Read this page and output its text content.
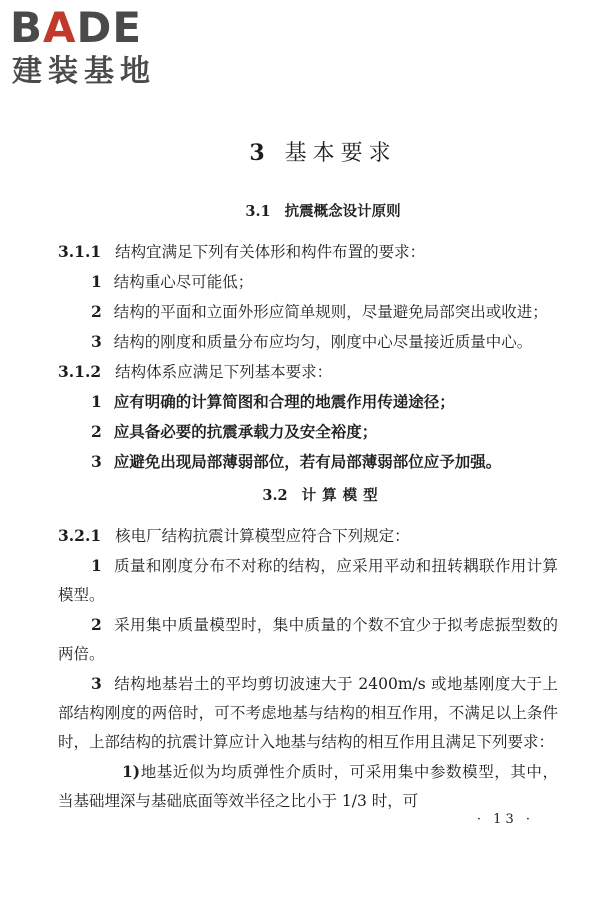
BADE
建装基地
3 基本要求
3.1 抗震概念设计原则

3.1.1 结构宜满足下列有关体形和构件布置的要求：

1 结构重心尽可能低；

2 结构的平面和立面外形应简单规则，尽量避免局部突出或收进；

3 结构的刚度和质量分布应均匀，刚度中心尽量接近质量中心。

3.1.2 结构体系应满足下列基本要求：

1 应有明确的计算简图和合理的地震作用传递途径；

2 应具备必要的抗震承载力及安全裕度；

3 应避免出现局部薄弱部位，若有局部薄弱部位应予加强。

3.2 计算模型

3.2.1 核电厂结构抗震计算模型应符合下列规定：

1 质量和刚度分布不对称的结构，应采用平动和扭转耦联作用计算模型。

2 采用集中质量模型时，集中质量的个数不宜少于拟考虑振型数的两倍。

3 结构地基岩土的平均剪切波速大于 2400m/s 或地基刚度大于上部结构刚度的两倍时，可不考虑地基与结构的相互作用，不满足以上条件时，上部结构的抗震计算应计入地基与结构的相互作用且满足下列要求：

1)地基近似为均质弹性介质时，可采用集中参数模型，其中，当基础埋深与基础底面等效半径之比小于 1/3 时，可

· 13 ·
